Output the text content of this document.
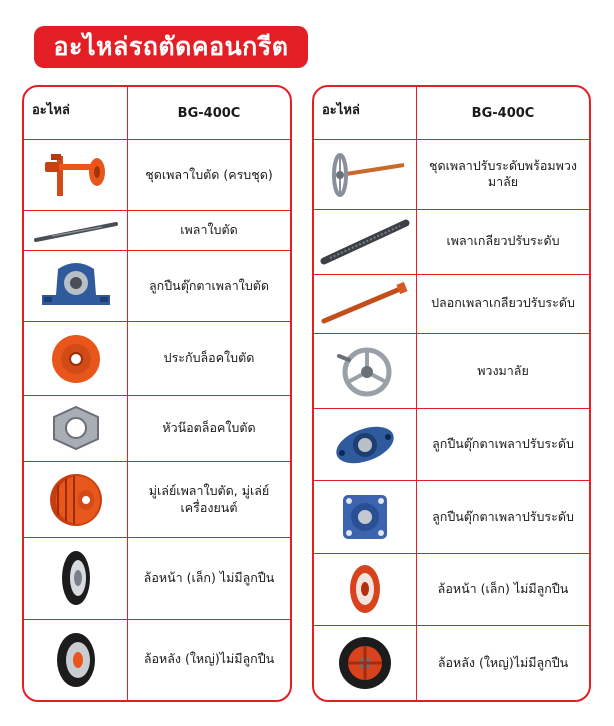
อะไหล่รถตัดคอนกรีต
อะไหล่	BG-400C

	ชุดเพลาใบตัด (ครบชุด)

	เพลาใบตัด

	ลูกปืนตุ๊กตาเพลาใบตัด

	ประกับล็อคใบตัด

	หัวน๊อตล็อคใบตัด

	มู่เล่ย์เพลาใบตัด, มู่เล่ย์เครื่องยนต์

	ล้อหน้า (เล็ก) ไม่มีลูกปืน

	ล้อหลัง (ใหญ่)ไม่มีลูกปืน
อะไหล่	BG-400C

	ชุดเพลาปรับระดับพร้อมพวงมาลัย

	เพลาเกลียวปรับระดับ

	ปลอกเพลาเกลียวปรับระดับ

	พวงมาลัย

	ลูกปืนตุ๊กตาเพลาปรับระดับ

	ลูกปืนตุ๊กตาเพลาปรับระดับ

	ล้อหน้า (เล็ก) ไม่มีลูกปืน

	ล้อหลัง (ใหญ่)ไม่มีลูกปืน
